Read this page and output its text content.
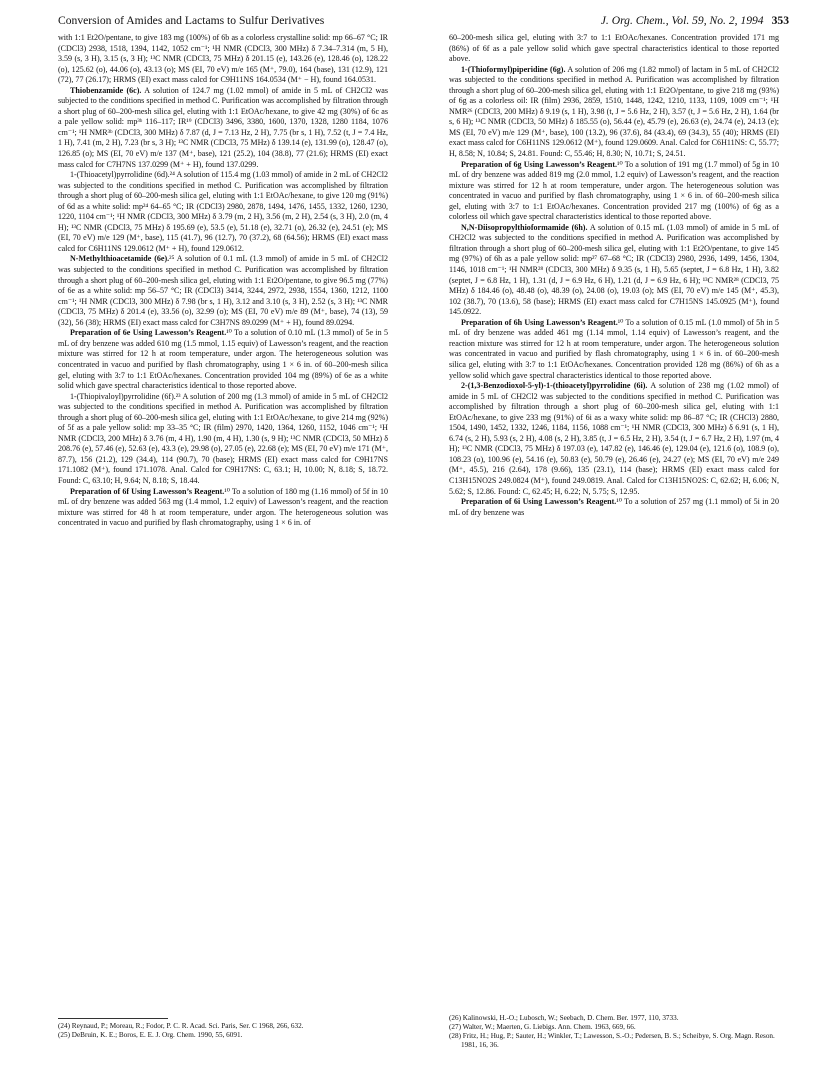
Conversion of Amides and Lactams to Sulfur Derivatives	J. Org. Chem., Vol. 59, No. 2, 1994 353

with 1:1 Et2O/pentane, to give 183 mg (100%) of 6b as a colorless crystalline solid: mp 66–67 °C; IR (CDCl3) 2938, 1518, 1394, 1142, 1052 cm⁻¹; ¹H NMR (CDCl3, 300 MHz) δ 7.34–7.314 (m, 5 H), 3.59 (s, 3 H), 3.15 (s, 3 H); ¹³C NMR (CDCl3, 75 MHz) δ 201.15 (e), 143.26 (e), 128.46 (o), 128.22 (o), 125.62 (o), 44.06 (o), 43.13 (o); MS (EI, 70 eV) m/e 165 (M⁺, 79.0), 164 (base), 131 (12.9), 121 (72), 77 (26.17); HRMS (EI) exact mass calcd for C9H11NS 164.0534 (M⁺ − H), found 164.0531.

Thiobenzamide (6c). A solution of 124.7 mg (1.02 mmol) of amide in 5 mL of CH2Cl2 was subjected to the conditions specified in method C. Purification was accomplished by filtration through a short plug of 60–200-mesh silica gel, eluting with 1:1 EtOAc/hexane, to give 42 mg (30%) of 6c as a pale yellow solid: mp³ᵇ 116–117; IR¹⁹ (CDCl3) 3496, 3380, 1600, 1370, 1328, 1280 1184, 1076 cm⁻¹; ¹H NMR³ᵇ (CDCl3, 300 MHz) δ 7.87 (d, J = 7.13 Hz, 2 H), 7.75 (br s, 1 H), 7.52 (t, J = 7.4 Hz, 1 H), 7.41 (m, 2 H), 7.23 (br s, 3 H); ¹³C NMR (CDCl3, 75 MHz) δ 139.14 (e), 131.99 (o), 128.47 (o), 126.85 (o); MS (EI, 70 eV) m/e 137 (M⁺, base), 121 (25.2), 104 (38.8), 77 (21.6); HRMS (EI) exact mass calcd for C7H7NS 137.0299 (M⁺ + H), found 137.0299.

1-(Thioacetyl)pyrrolidine (6d).²⁴ A solution of 115.4 mg (1.03 mmol) of amide in 2 mL of CH2Cl2 was subjected to the conditions specified in method C. Purification was accomplished by filtration through a short plug of 60–200-mesh silica gel, eluting with 1:1 EtOAc/hexane, to give 120 mg (91%) of 6d as a white solid: mp²⁴ 64–65 °C; IR (CDCl3) 2980, 2878, 1494, 1476, 1455, 1332, 1260, 1230, 1220, 1104 cm⁻¹; ¹H NMR (CDCl3, 300 MHz) δ 3.79 (m, 2 H), 3.56 (m, 2 H), 2.54 (s, 3 H), 2.0 (m, 4 H); ¹³C NMR (CDCl3, 75 MHz) δ 195.69 (e), 53.5 (e), 51.18 (e), 32.71 (o), 26.32 (e), 24.51 (e); MS (EI, 70 eV) m/e 129 (M⁺, base), 115 (41.7), 96 (12.7), 70 (37.2), 68 (64.56); HRMS (EI) exact mass calcd for C6H11NS 129.0612 (M⁺ + H), found 129.0612.

N-Methylthioacetamide (6e).²⁵ A solution of 0.1 mL (1.3 mmol) of amide in 5 mL of CH2Cl2 was subjected to the conditions specified in method C. Purification was accomplished by filtration through a short plug of 60–200-mesh silica gel, eluting with 1:1 Et2O/pentane, to give 96.5 mg (77%) of 6e as a white solid: mp 56–57 °C; IR (CDCl3) 3414, 3244, 2972, 2938, 1554, 1360, 1212, 1100 cm⁻¹; ¹H NMR (CDCl3, 300 MHz) δ 7.98 (br s, 1 H), 3.12 and 3.10 (s, 3 H), 2.52 (s, 3 H); ¹³C NMR (CDCl3, 75 MHz) δ 201.4 (e), 33.56 (o), 32.99 (o); MS (EI, 70 eV) m/e 89 (M⁺, base), 74 (13), 59 (32), 56 (38); HRMS (EI) exact mass calcd for C3H7NS 89.0299 (M⁺ + H), found 89.0294.

Preparation of 6e Using Lawesson’s Reagent.¹⁰ To a solution of 0.10 mL (1.3 mmol) of 5e in 5 mL of dry benzene was added 610 mg (1.5 mmol, 1.15 equiv) of Lawesson’s reagent, and the reaction mixture was stirred for 12 h at room temperature, under argon. The heterogeneous solution was concentrated in vacuo and purified by flash chromatography, using 1 × 6 in. of 60–200-mesh silica gel, eluting with 3:7 to 1:1 EtOAc/hexanes. Concentration provided 104 mg (89%) of 6e as a white solid which gave spectral characteristics identical to those reported above.

1-(Thiopivaloyl)pyrrolidine (6f).²³ A solution of 200 mg (1.3 mmol) of amide in 5 mL of CH2Cl2 was subjected to the conditions specified in method A. Purification was accomplished by filtration through a short plug of 60–200-mesh silica gel, eluting with 1:1 EtOAc/hexane, to give 214 mg (92%) of 5f as a pale yellow solid: mp 33–35 °C; IR (film) 2970, 1420, 1364, 1260, 1152, 1046 cm⁻¹; ¹H NMR (CDCl3, 200 MHz) δ 3.76 (m, 4 H), 1.90 (m, 4 H), 1.30 (s, 9 H); ¹³C NMR (CDCl3, 50 MHz) δ 208.76 (e), 57.46 (e), 52.63 (e), 43.3 (e), 29.98 (o), 27.05 (e), 22.68 (e); MS (EI, 70 eV) m/e 171 (M⁺, 87.7), 156 (21.2), 129 (34.4), 114 (90.7), 70 (base); HRMS (EI) exact mass calcd for C9H17NS 171.1082 (M⁺), found 171.1078. Anal. Calcd for C9H17NS: C, 63.1; H, 10.00; N, 8.18; S, 18.72. Found: C, 63.10; H, 9.64; N, 8.18; S, 18.44.

Preparation of 6f Using Lawesson’s Reagent.¹⁰ To a solution of 180 mg (1.16 mmol) of 5f in 10 mL of dry benzene was added 563 mg (1.4 mmol, 1.2 equiv) of Lawesson’s reagent, and the reaction mixture was stirred for 48 h at room temperature, under argon. The heterogeneous solution was concentrated in vacuo and purified by flash chromatography, using 1 × 6 in. of

60–200-mesh silica gel, eluting with 3:7 to 1:1 EtOAc/hexanes. Concentration provided 171 mg (86%) of 6f as a pale yellow solid which gave spectral characteristics identical to those reported above.

1-(Thioformyl)piperidine (6g). A solution of 206 mg (1.82 mmol) of lactam in 5 mL of CH2Cl2 was subjected to the conditions specified in method A. Purification was accomplished by filtration through a short plug of 60–200-mesh silica gel, eluting with 1:1 Et2O/pentane, to give 218 mg (93%) of 6g as a colorless oil: IR (film) 2936, 2859, 1510, 1448, 1242, 1210, 1133, 1109, 1009 cm⁻¹; ¹H NMR²⁶ (CDCl3, 200 MHz) δ 9.19 (s, 1 H), 3.98 (t, J = 5.6 Hz, 2 H), 3.57 (t, J = 5.6 Hz, 2 H), 1.64 (br s, 6 H); ¹³C NMR (CDCl3, 50 MHz) δ 185.55 (o), 56.44 (e), 45.79 (e), 26.63 (e), 24.74 (e), 24.13 (e); MS (EI, 70 eV) m/e 129 (M⁺, base), 100 (13.2), 96 (37.6), 84 (43.4), 69 (34.3), 55 (40); HRMS (EI) exact mass calcd for C6H11NS 129.0612 (M⁺), found 129.0609. Anal. Calcd for C6H11NS: C, 55.77; H, 8.58; N, 10.84; S, 24.81. Found: C, 55.46; H, 8.30; N, 10.71; S, 24.51.

Preparation of 6g Using Lawesson’s Reagent.¹⁰ To a solution of 191 mg (1.7 mmol) of 5g in 10 mL of dry benzene was added 819 mg (2.0 mmol, 1.2 equiv) of Lawesson’s reagent, and the reaction mixture was stirred for 12 h at room temperature, under argon. The heterogeneous solution was concentrated in vacuo and purified by flash chromatography, using 1 × 6 in. of 60–200-mesh silica gel, eluting with 3:7 to 1:1 EtOAc/hexanes. Concentration provided 217 mg (100%) of 6g as a colorless oil which gave spectral characteristics identical to those reported above.

N,N-Diisopropylthioformamide (6h). A solution of 0.15 mL (1.03 mmol) of amide in 5 mL of CH2Cl2 was subjected to the conditions specified in method A. Purification was accomplished by filtration through a short plug of 60–200-mesh silica gel, eluting with 1:1 Et2O/pentane, to give 145 mg (97%) of 6h as a pale yellow solid: mp²⁷ 67–68 °C; IR (CDCl3) 2980, 2936, 1499, 1456, 1304, 1146, 1018 cm⁻¹; ¹H NMR²⁸ (CDCl3, 300 MHz) δ 9.35 (s, 1 H), 5.65 (septet, J = 6.8 Hz, 1 H), 3.82 (septet, J = 6.8 Hz, 1 H), 1.31 (d, J = 6.9 Hz, 6 H), 1.21 (d, J = 6.9 Hz, 6 H); ¹³C NMR²⁸ (CDCl3, 75 MHz) δ 184.46 (o), 48.48 (o), 48.39 (o), 24.08 (o), 19.03 (o); MS (EI, 70 eV) m/e 145 (M⁺, 45.3), 102 (38.7), 70 (13.6), 58 (base); HRMS (EI) exact mass calcd for C7H15NS 145.0925 (M⁺), found 145.0922.

Preparation of 6h Using Lawesson’s Reagent.¹⁰ To a solution of 0.15 mL (1.0 mmol) of 5h in 5 mL of dry benzene was added 461 mg (1.14 mmol, 1.14 equiv) of Lawesson’s reagent, and the reaction mixture was stirred for 12 h at room temperature, under argon. The heterogeneous solution was concentrated in vacuo and purified by flash chromatography, using 1 × 6 in. of 60–200-mesh silica gel, eluting with 3:7 to 1:1 EtOAc/hexanes. Concentration provided 128 mg (86%) of 6h as a yellow solid which gave spectral characteristics identical to those reported above.

2-(1,3-Benzodioxol-5-yl)-1-(thioacetyl)pyrrolidine (6i). A solution of 238 mg (1.02 mmol) of amide in 5 mL of CH2Cl2 was subjected to the conditions specified in method C. Purification was accomplished by filtration through a short plug of 60–200-mesh silica gel, eluting with 1:1 EtOAc/hexane, to give 233 mg (91%) of 6i as a waxy white solid: mp 86–87 °C; IR (CHCl3) 2880, 1504, 1490, 1452, 1332, 1246, 1184, 1156, 1088 cm⁻¹; ¹H NMR (CDCl3, 300 MHz) δ 6.91 (s, 1 H), 6.74 (s, 2 H), 5.93 (s, 2 H), 4.08 (s, 2 H), 3.85 (t, J = 6.5 Hz, 2 H), 3.54 (t, J = 6.7 Hz, 2 H), 1.97 (m, 4 H); ¹³C NMR (CDCl3, 75 MHz) δ 197.03 (e), 147.82 (e), 146.46 (e), 129.04 (e), 121.6 (o), 108.9 (o), 108.23 (o), 100.96 (e), 54.16 (e), 50.83 (e), 50.79 (e), 26.46 (e), 24.27 (e); MS (EI, 70 eV) m/e 249 (M⁺, 45.5), 216 (2.64), 178 (9.66), 135 (23.1), 114 (base); HRMS (EI) exact mass calcd for C13H15NO2S 249.0824 (M⁺), found 249.0819. Anal. Calcd for C13H15NO2S: C, 62.62; H, 6.06; N, 5.62; S, 12.86. Found: C, 62.45; H, 6.22; N, 5.75; S, 12.95.

Preparation of 6i Using Lawesson’s Reagent.¹⁰ To a solution of 257 mg (1.1 mmol) of 5i in 20 mL of dry benzene was

(24) Reynaud, P.; Moreau, R.; Fodor, P. C. R. Acad. Sci. Paris, Ser. C 1968, 266, 632.
(25) DeBruin, K. E.; Boros, E. E. J. Org. Chem. 1990, 55, 6091.
(26) Kalinowski, H.-O.; Lubosch, W.; Seebach, D. Chem. Ber. 1977, 110, 3733.
(27) Walter, W.; Maerten, G. Liebigs. Ann. Chem. 1963, 669, 66.
(28) Fritz, H.; Hug, P.; Sauter, H.; Winkler, T.; Lawesson, S.-O.; Pedersen, B. S.; Scheibye, S. Org. Magn. Reson. 1981, 16, 36.
